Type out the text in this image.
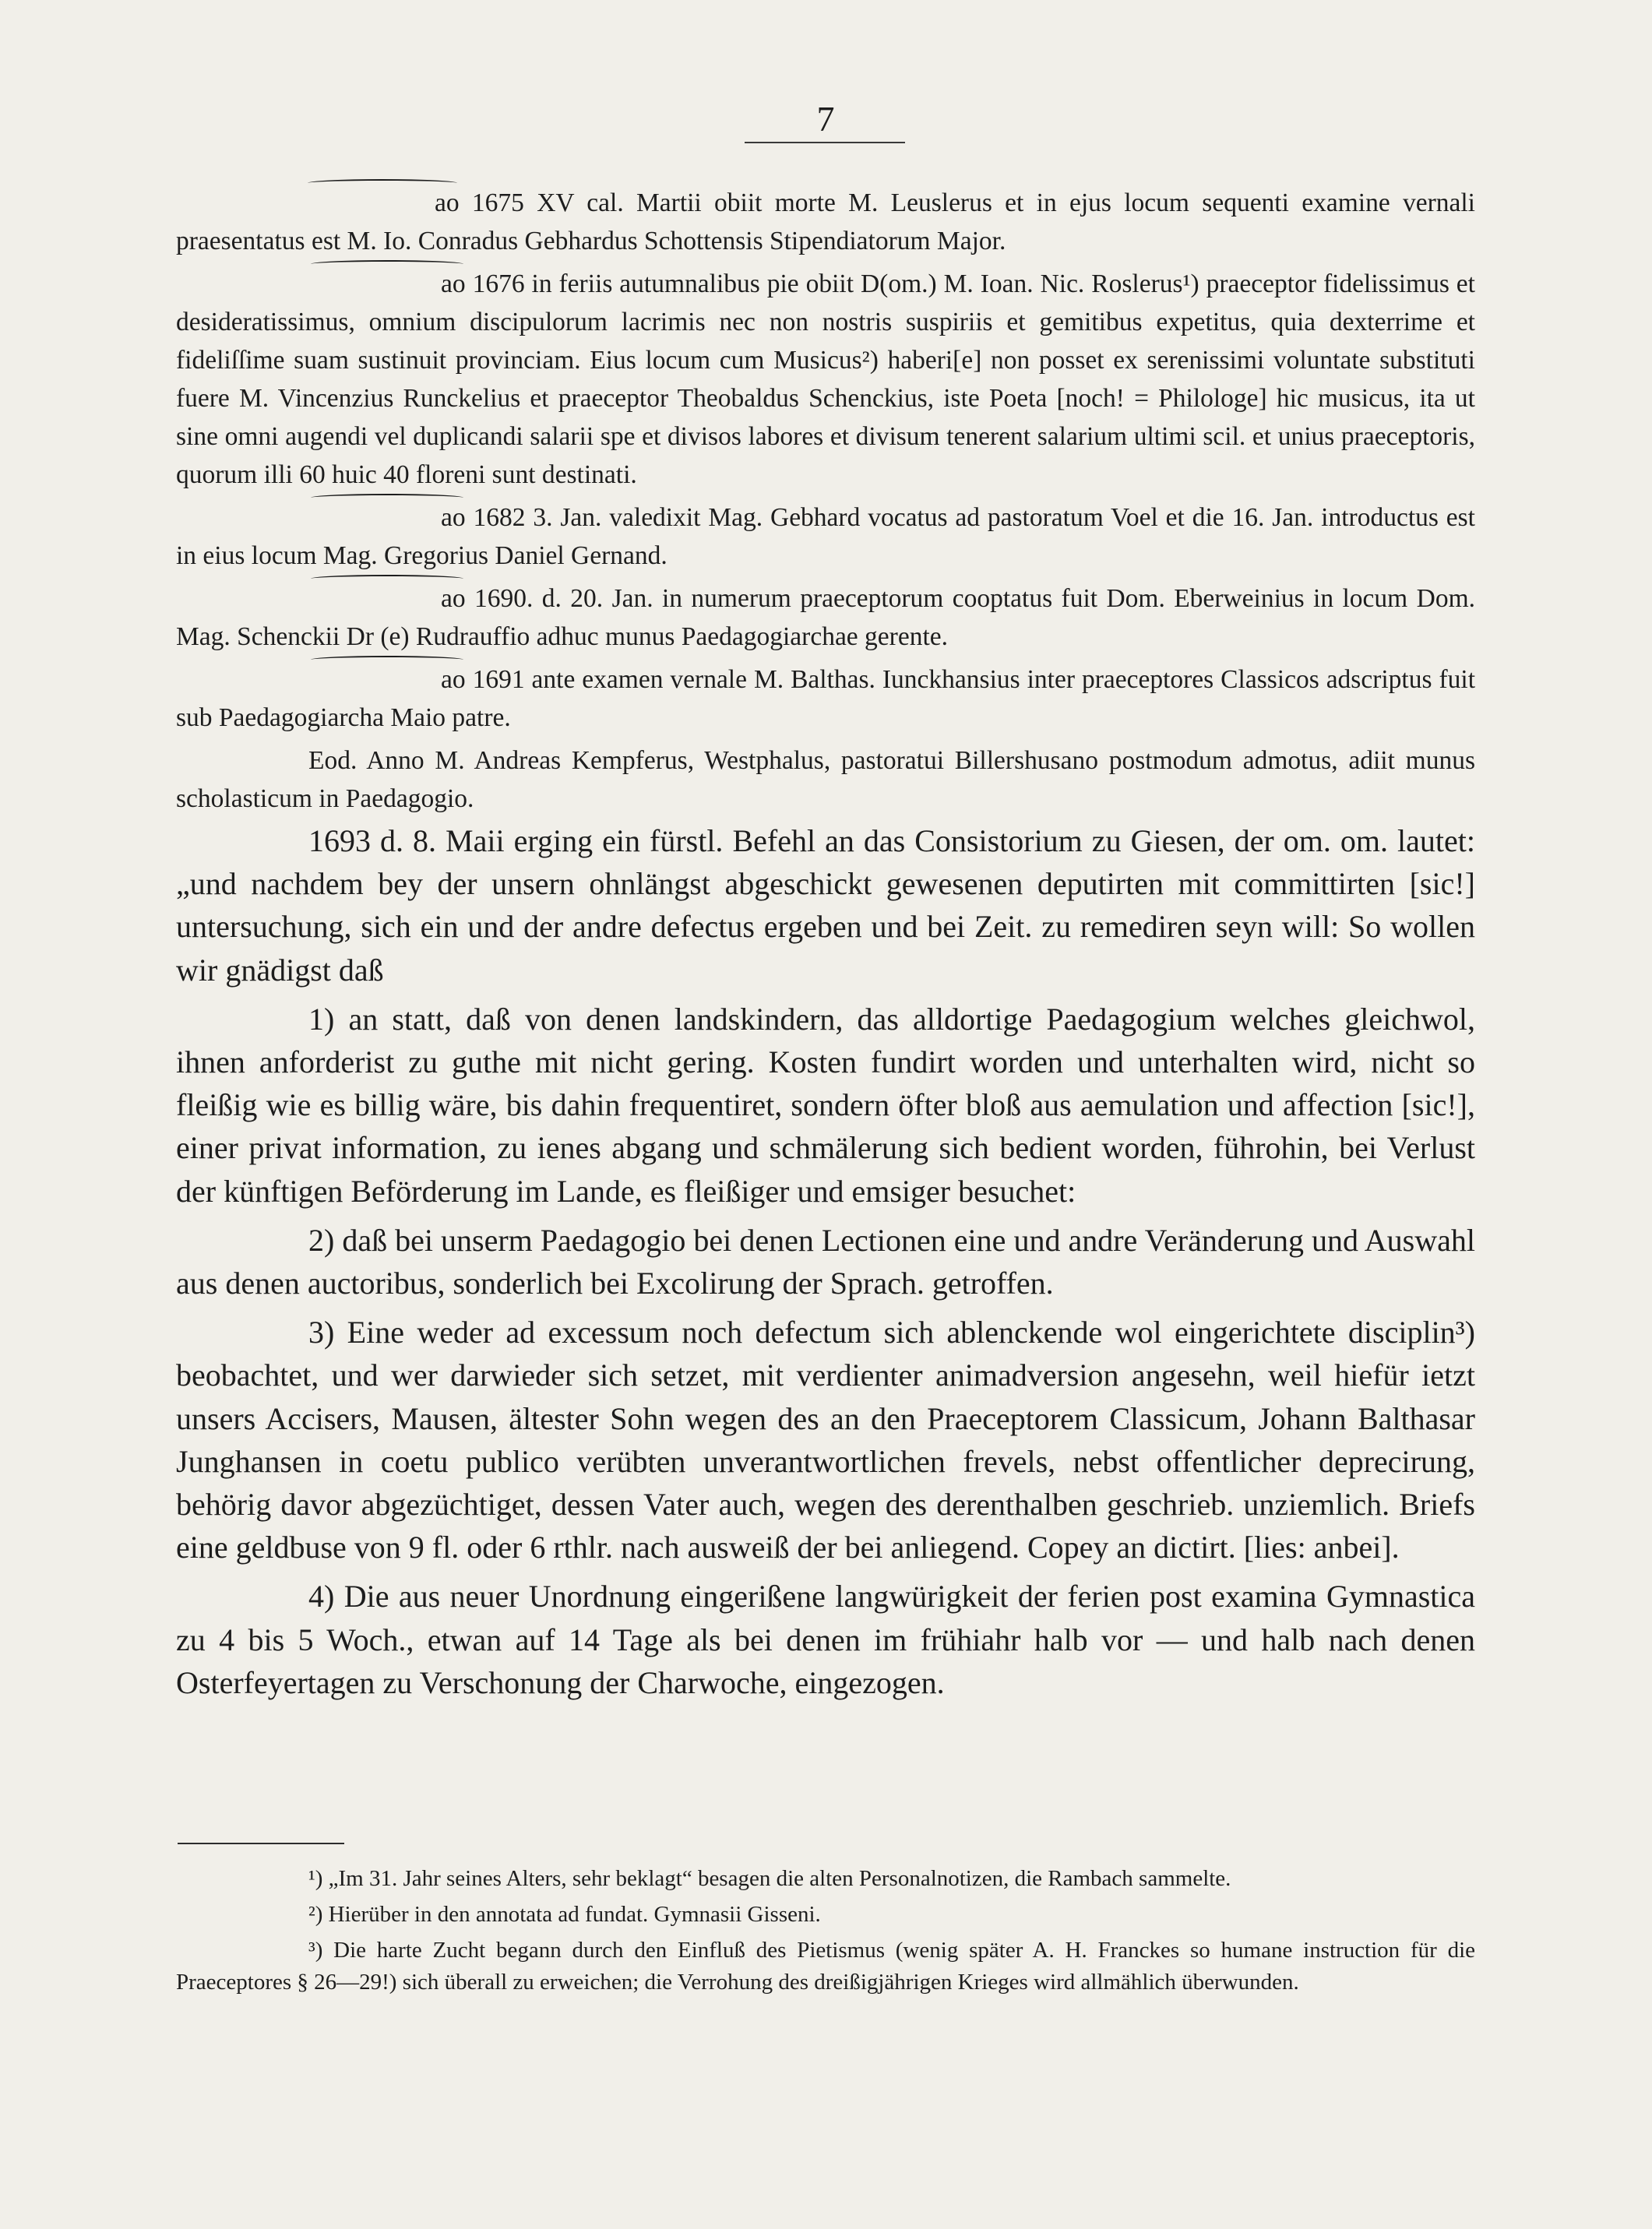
7

ao 1675 XV cal. Martii obiit morte M. Leuslerus et in ejus locum sequenti examine vernali praesentatus est M. Io. Conradus Gebhardus Schottensis Stipendiatorum Major.

ao 1676 in feriis autumnalibus pie obiit D(om.) M. Ioan. Nic. Roslerus¹) praeceptor fidelissimus et desideratissimus, omnium discipulorum lacrimis nec non nostris suspiriis et gemitibus expetitus, quia dexterrime et fideliſſime suam sustinuit provinciam. Eius locum cum Musicus²) haberi[e] non posset ex serenissimi voluntate substituti fuere M. Vincenzius Runckelius et praeceptor Theobaldus Schenckius, iste Poeta [noch! = Philologe] hic musicus, ita ut sine omni augendi vel duplicandi salarii spe et divisos labores et divisum tenerent salarium ultimi scil. et unius praeceptoris, quorum illi 60 huic 40 floreni sunt destinati.

ao 1682 3. Jan. valedixit Mag. Gebhard vocatus ad pastoratum Voel et die 16. Jan. introductus est in eius locum Mag. Gregorius Daniel Gernand.

ao 1690. d. 20. Jan. in numerum praeceptorum cooptatus fuit Dom. Eberweinius in locum Dom. Mag. Schenckii Dr (e) Rudrauffio adhuc munus Paedagogiarchae gerente.

ao 1691 ante examen vernale M. Balthas. Iunckhansius inter praeceptores Classicos adscriptus fuit sub Paedagogiarcha Maio patre.

Eod. Anno M. Andreas Kempferus, Westphalus, pastoratui Billershusano postmodum admotus, adiit munus scholasticum in Paedagogio.

1693 d. 8. Maii erging ein fürstl. Befehl an das Consistorium zu Giesen, der om. om. lautet: „und nachdem bey der unsern ohnlängst abgeschickt gewesenen deputirten mit committirten [sic!] untersuchung, sich ein und der andre defectus ergeben und bei Zeit. zu remediren seyn will: So wollen wir gnädigst daß

1) an statt, daß von denen landskindern, das alldortige Paedagogium welches gleichwol, ihnen anforderist zu guthe mit nicht gering. Kosten fundirt worden und unterhalten wird, nicht so fleißig wie es billig wäre, bis dahin frequentiret, sondern öfter bloß aus aemulation und affection [sic!], einer privat information, zu ienes abgang und schmälerung sich bedient worden, führohin, bei Verlust der künftigen Beförderung im Lande, es fleißiger und emsiger besuchet:

2) daß bei unserm Paedagogio bei denen Lectionen eine und andre Veränderung und Auswahl aus denen auctoribus, sonderlich bei Excolirung der Sprach. getroffen.

3) Eine weder ad excessum noch defectum sich ablenckende wol eingerichtete disciplin³) beobachtet, und wer darwieder sich setzet, mit verdienter animadversion angesehn, weil hiefür ietzt unsers Accisers, Mausen, ältester Sohn wegen des an den Praeceptorem Classicum, Johann Balthasar Junghansen in coetu publico verübten unverantwortlichen frevels, nebst offentlicher deprecirung, behörig davor abgezüchtiget, dessen Vater auch, wegen des derenthalben geschrieb. unziemlich. Briefs eine geldbuse von 9 fl. oder 6 rthlr. nach ausweiß der bei anliegend. Copey an dictirt. [lies: anbei].

4) Die aus neuer Unordnung eingerißene langwürigkeit der ferien post examina Gymnastica zu 4 bis 5 Woch., etwan auf 14 Tage als bei denen im frühiahr halb vor — und halb nach denen Osterfeyertagen zu Verschonung der Charwoche, eingezogen.

¹) „Im 31. Jahr seines Alters, sehr beklagt“ besagen die alten Personalnotizen, die Rambach sammelte.

²) Hierüber in den annotata ad fundat. Gymnasii Gisseni.

³) Die harte Zucht begann durch den Einfluß des Pietismus (wenig später A. H. Franckes so humane instruction für die Praeceptores § 26—29!) sich überall zu erweichen; die Verrohung des dreißigjährigen Krieges wird allmählich überwunden.
